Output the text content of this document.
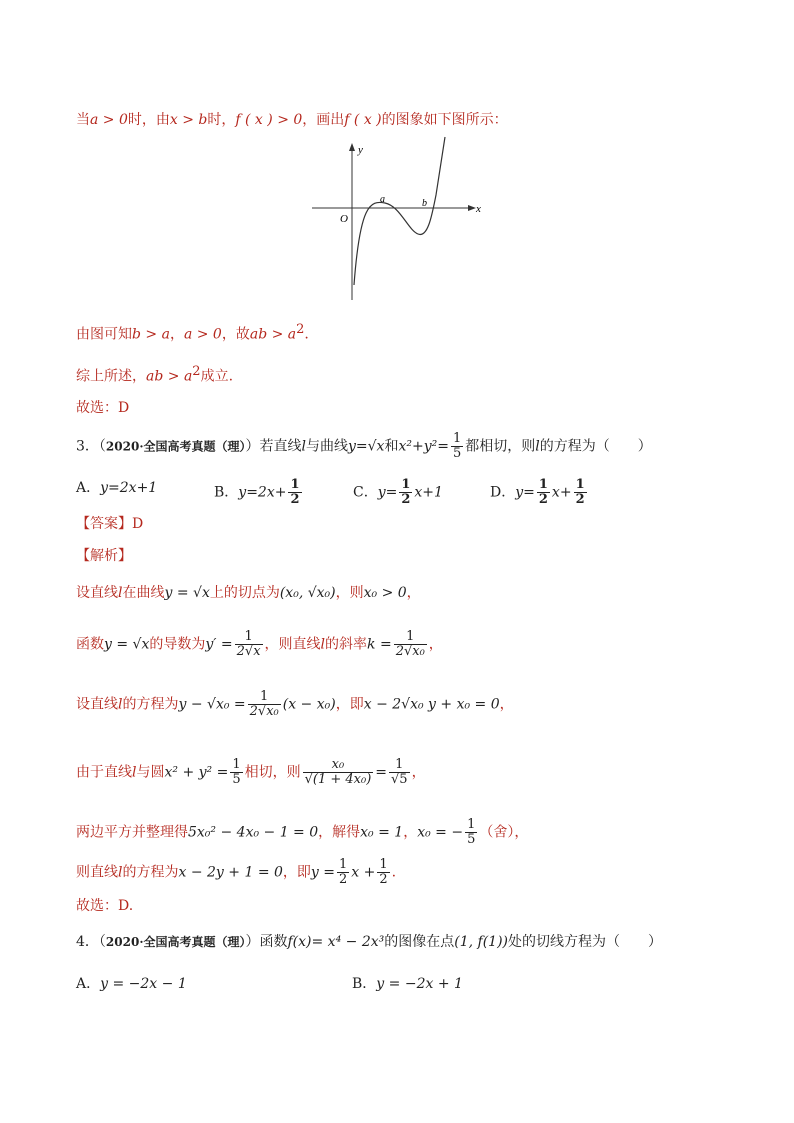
当a > 0时，由x > b时，f ( x ) > 0，画出f ( x )的图象如下图所示：
y
x
O
a	b
由图可知b > a，a > 0，故ab > $a^2$.
综上所述，ab > $a^2$成立.
故选：D
3．（2020·全国高考真题（理））若直线l与曲线y=√x和$x^2+y^2= \frac{1}{5}$ 都相切，则l的方程为（　　）
A．y=2x+1	B．$y=2x+ \frac{1}{2}$	C．$y= \frac{1}{2} x+1$	D．$y= \frac{1}{2} x+ \frac{1}{2}$
【答案】D
【解析】
设直线l在曲线y = √x上的切点为(x₀, √x₀)，则x₀ > 0，
函数y = √x的导数为$y' = \frac{1}{2√x}$ ，则直线l的斜率$k = \frac{1}{\text{2√x₀}}$ ，
设直线l的方程为$y - √x_0 = \frac{1}{\text{2√x₀}} (x - x_0)$，即x − 2√x₀ y + x₀ = 0，
由于直线l与圆$x^2 + y^2 = \frac{1}{5}$ 相切，则 $\frac{\text{x₀}}{\text{√(1 + 4x₀)}} = \frac{1}{√5}$ ，
两边平方并整理得5x₀² − 4x₀ − 1 = 0，解得x₀ = 1，x₀ = − $\frac{1}{5}$ （舍），
则直线l的方程为x − 2y + 1 = 0，即$y = \frac{1}{2}$ $x + \frac{1}{2}$ .
故选：D.
4．（2020·全国高考真题（理））函数f(x)= x⁴ − 2x³的图像在点(1, f(1))处的切线方程为（　　）
A．y = −2x − 1	B．y = −2x + 1
